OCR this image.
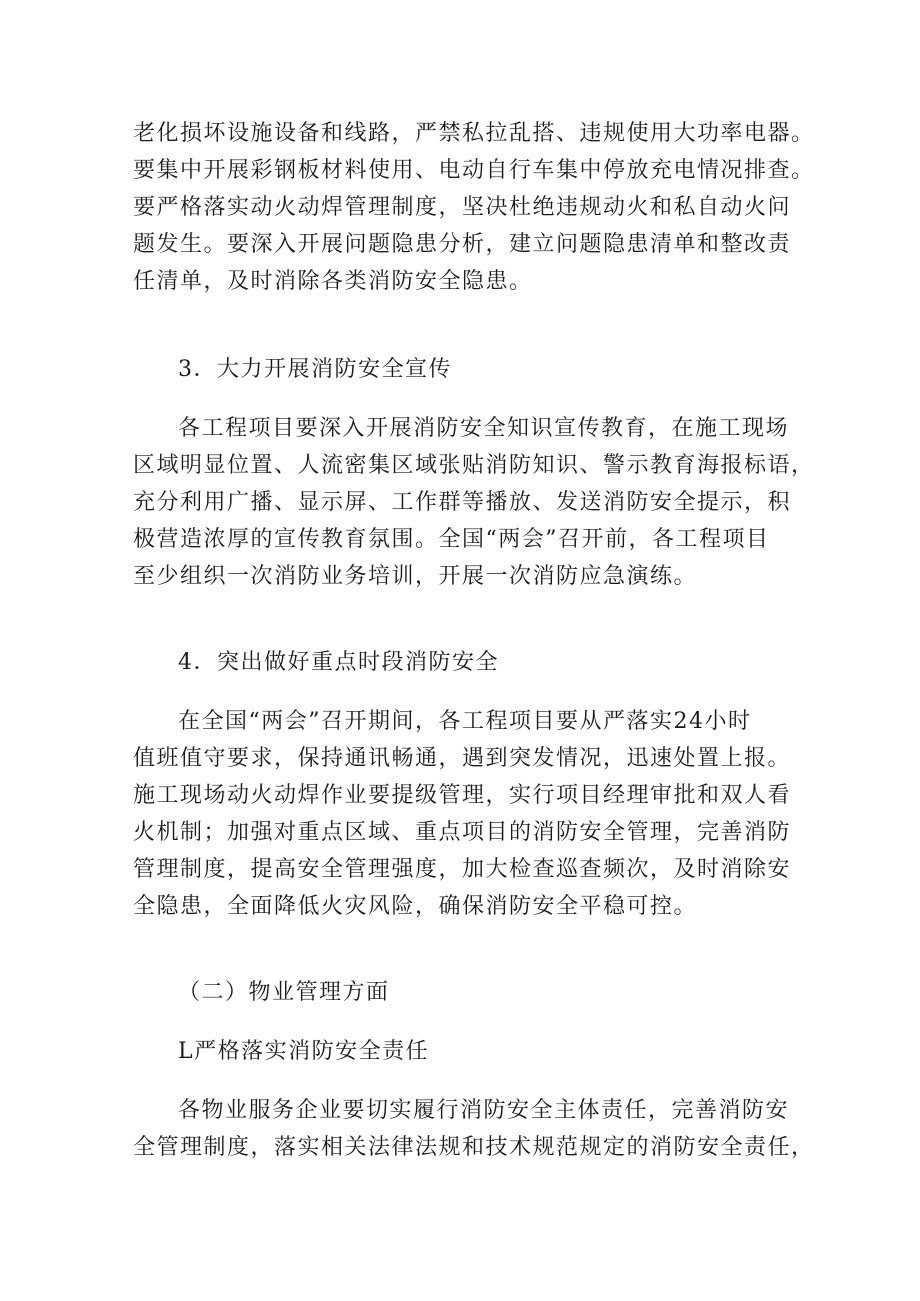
老化损坏设施设备和线路，严禁私拉乱搭、违规使用大功率电器。
要集中开展彩钢板材料使用、电动自行车集中停放充电情况排查。
要严格落实动火动焊管理制度，坚决杜绝违规动火和私自动火问
题发生。要深入开展问题隐患分析，建立问题隐患清单和整改责
任清单，及时消除各类消防安全隐患。
3．大力开展消防安全宣传
各工程项目要深入开展消防安全知识宣传教育，在施工现场
区域明显位置、人流密集区域张贴消防知识、警示教育海报标语，
充分利用广播、显示屏、工作群等播放、发送消防安全提示，积
极营造浓厚的宣传教育氛围。全国“两会”召开前，各工程项目
至少组织一次消防业务培训，开展一次消防应急演练。
4．突出做好重点时段消防安全
在全国“两会”召开期间，各工程项目要从严落实24小时
值班值守要求，保持通讯畅通，遇到突发情况，迅速处置上报。
施工现场动火动焊作业要提级管理，实行项目经理审批和双人看
火机制；加强对重点区域、重点项目的消防安全管理，完善消防
管理制度，提高安全管理强度，加大检查巡查频次，及时消除安
全隐患，全面降低火灾风险，确保消防安全平稳可控。
（二）物业管理方面
L严格落实消防安全责任
各物业服务企业要切实履行消防安全主体责任，完善消防安
全管理制度，落实相关法律法规和技术规范规定的消防安全责任，
